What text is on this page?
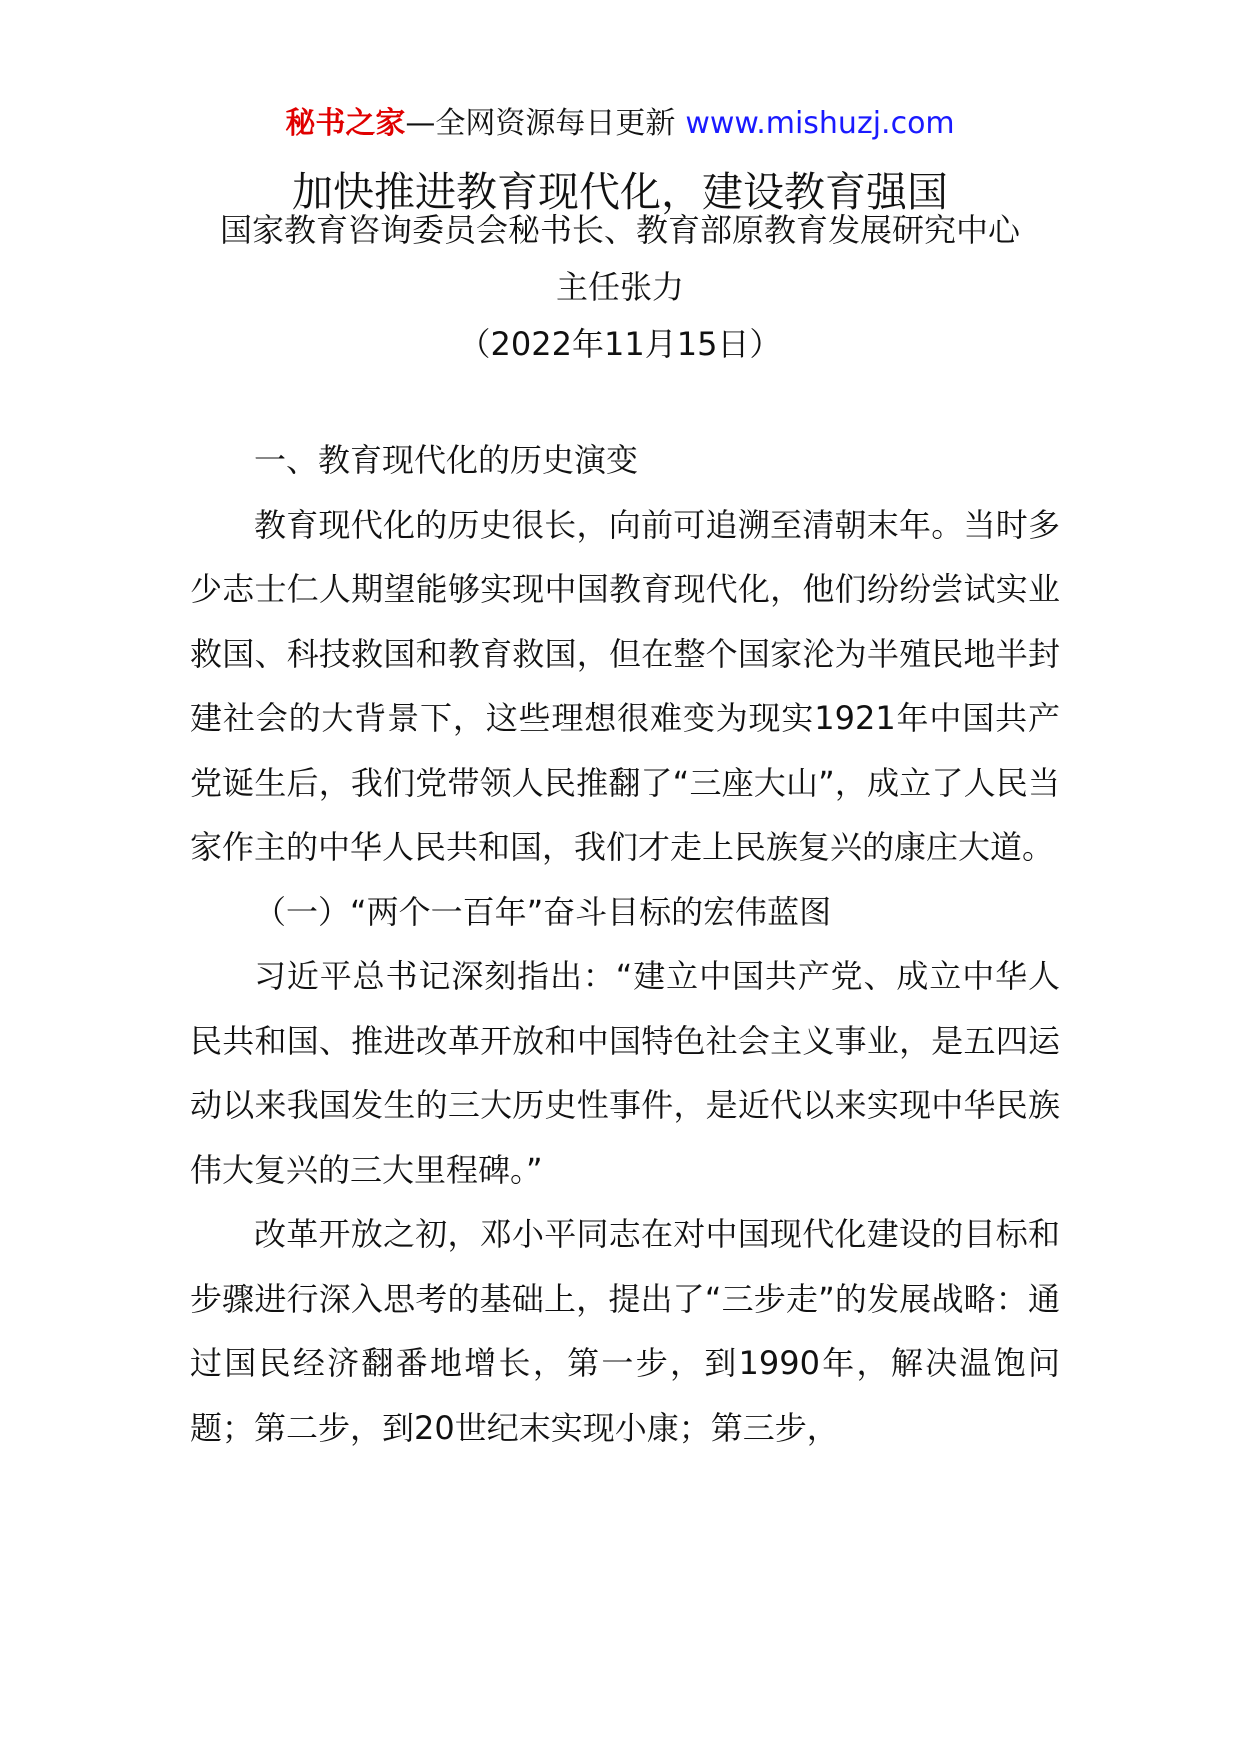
秘书之家—全网资源每日更新 www.mishuzj.com
加快推进教育现代化，建设教育强国
国家教育咨询委员会秘书长、教育部原教育发展研究中心
主任张力
（2022年11月15日）

一、教育现代化的历史演变

教育现代化的历史很长，向前可追溯至清朝末年。当时多少志士仁人期望能够实现中国教育现代化，他们纷纷尝试实业救国、科技救国和教育救国，但在整个国家沦为半殖民地半封建社会的大背景下，这些理想很难变为现实1921年中国共产党诞生后，我们党带领人民推翻了“三座大山”，成立了人民当家作主的中华人民共和国，我们才走上民族复兴的康庄大道。

（一）“两个一百年”奋斗目标的宏伟蓝图

习近平总书记深刻指出：“建立中国共产党、成立中华人民共和国、推进改革开放和中国特色社会主义事业，是五四运动以来我国发生的三大历史性事件，是近代以来实现中华民族伟大复兴的三大里程碑。”

改革开放之初，邓小平同志在对中国现代化建设的目标和步骤进行深入思考的基础上，提出了“三步走”的发展战略：通过国民经济翻番地增长，第一步，到1990年，解决温饱问题；第二步，到20世纪末实现小康；第三步，
